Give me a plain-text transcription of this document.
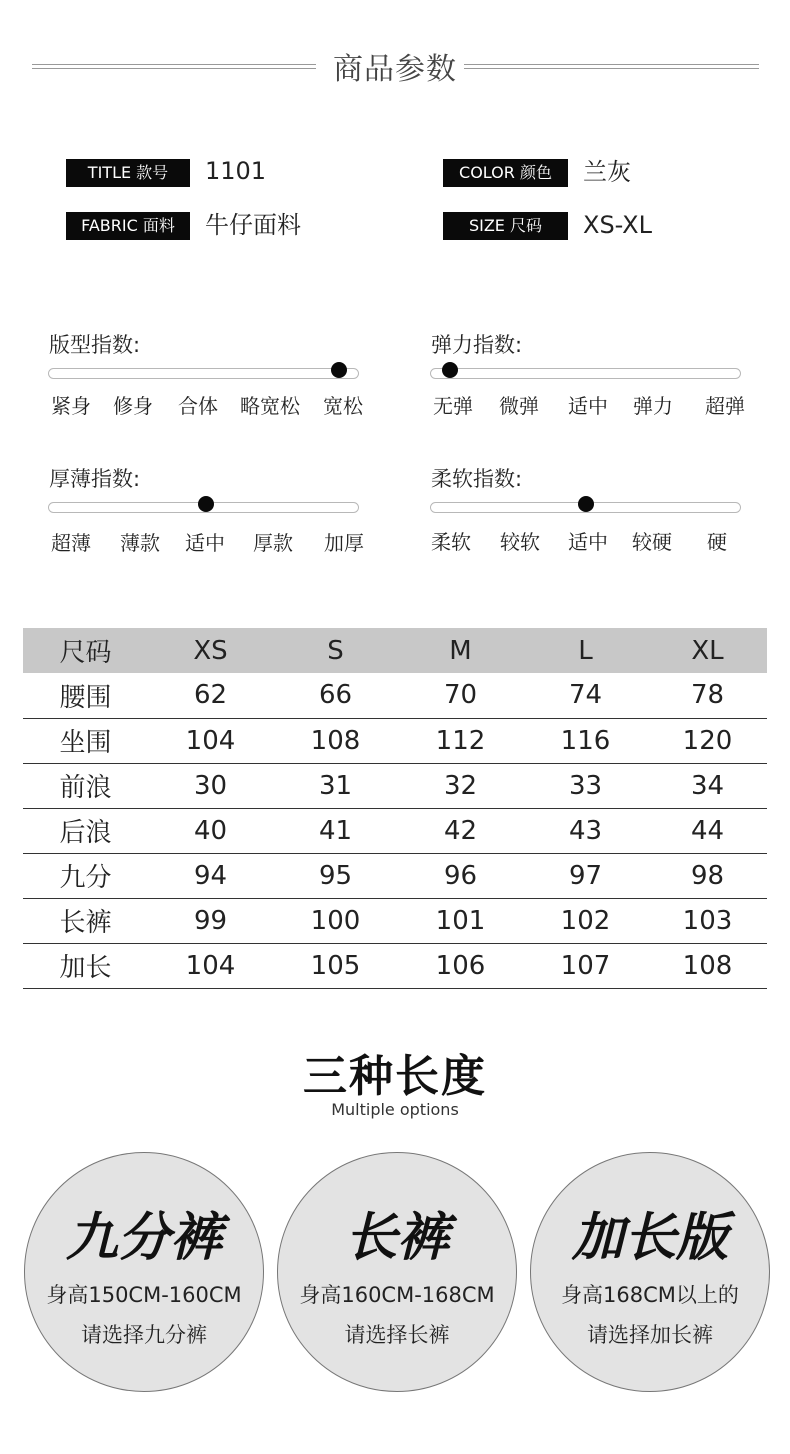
商品参数
TITLE 款号	1101	COLOR 颜色	兰灰
FABRIC 面料	牛仔面料	SIZE 尺码	XS-XL
版型指数:
紧身	修身	合体	略宽松	宽松
弹力指数:
无弹	微弹	适中	弹力	超弹
厚薄指数:
超薄	薄款	适中	厚款	加厚
柔软指数:
柔软	较软	适中	较硬	硬
尺码	XS	S	M	L	XL
腰围	62	66	70	74	78
坐围	104	108	112	116	120
前浪	30	31	32	33	34
后浪	40	41	42	43	44
九分	94	95	96	97	98
长裤	99	100	101	102	103
加长	104	105	106	107	108
三种长度
Multiple options
九分裤
身高150CM-160CM
请选择九分裤
长裤
身高160CM-168CM
请选择长裤
加长版
身高168CM以上的
请选择加长裤
